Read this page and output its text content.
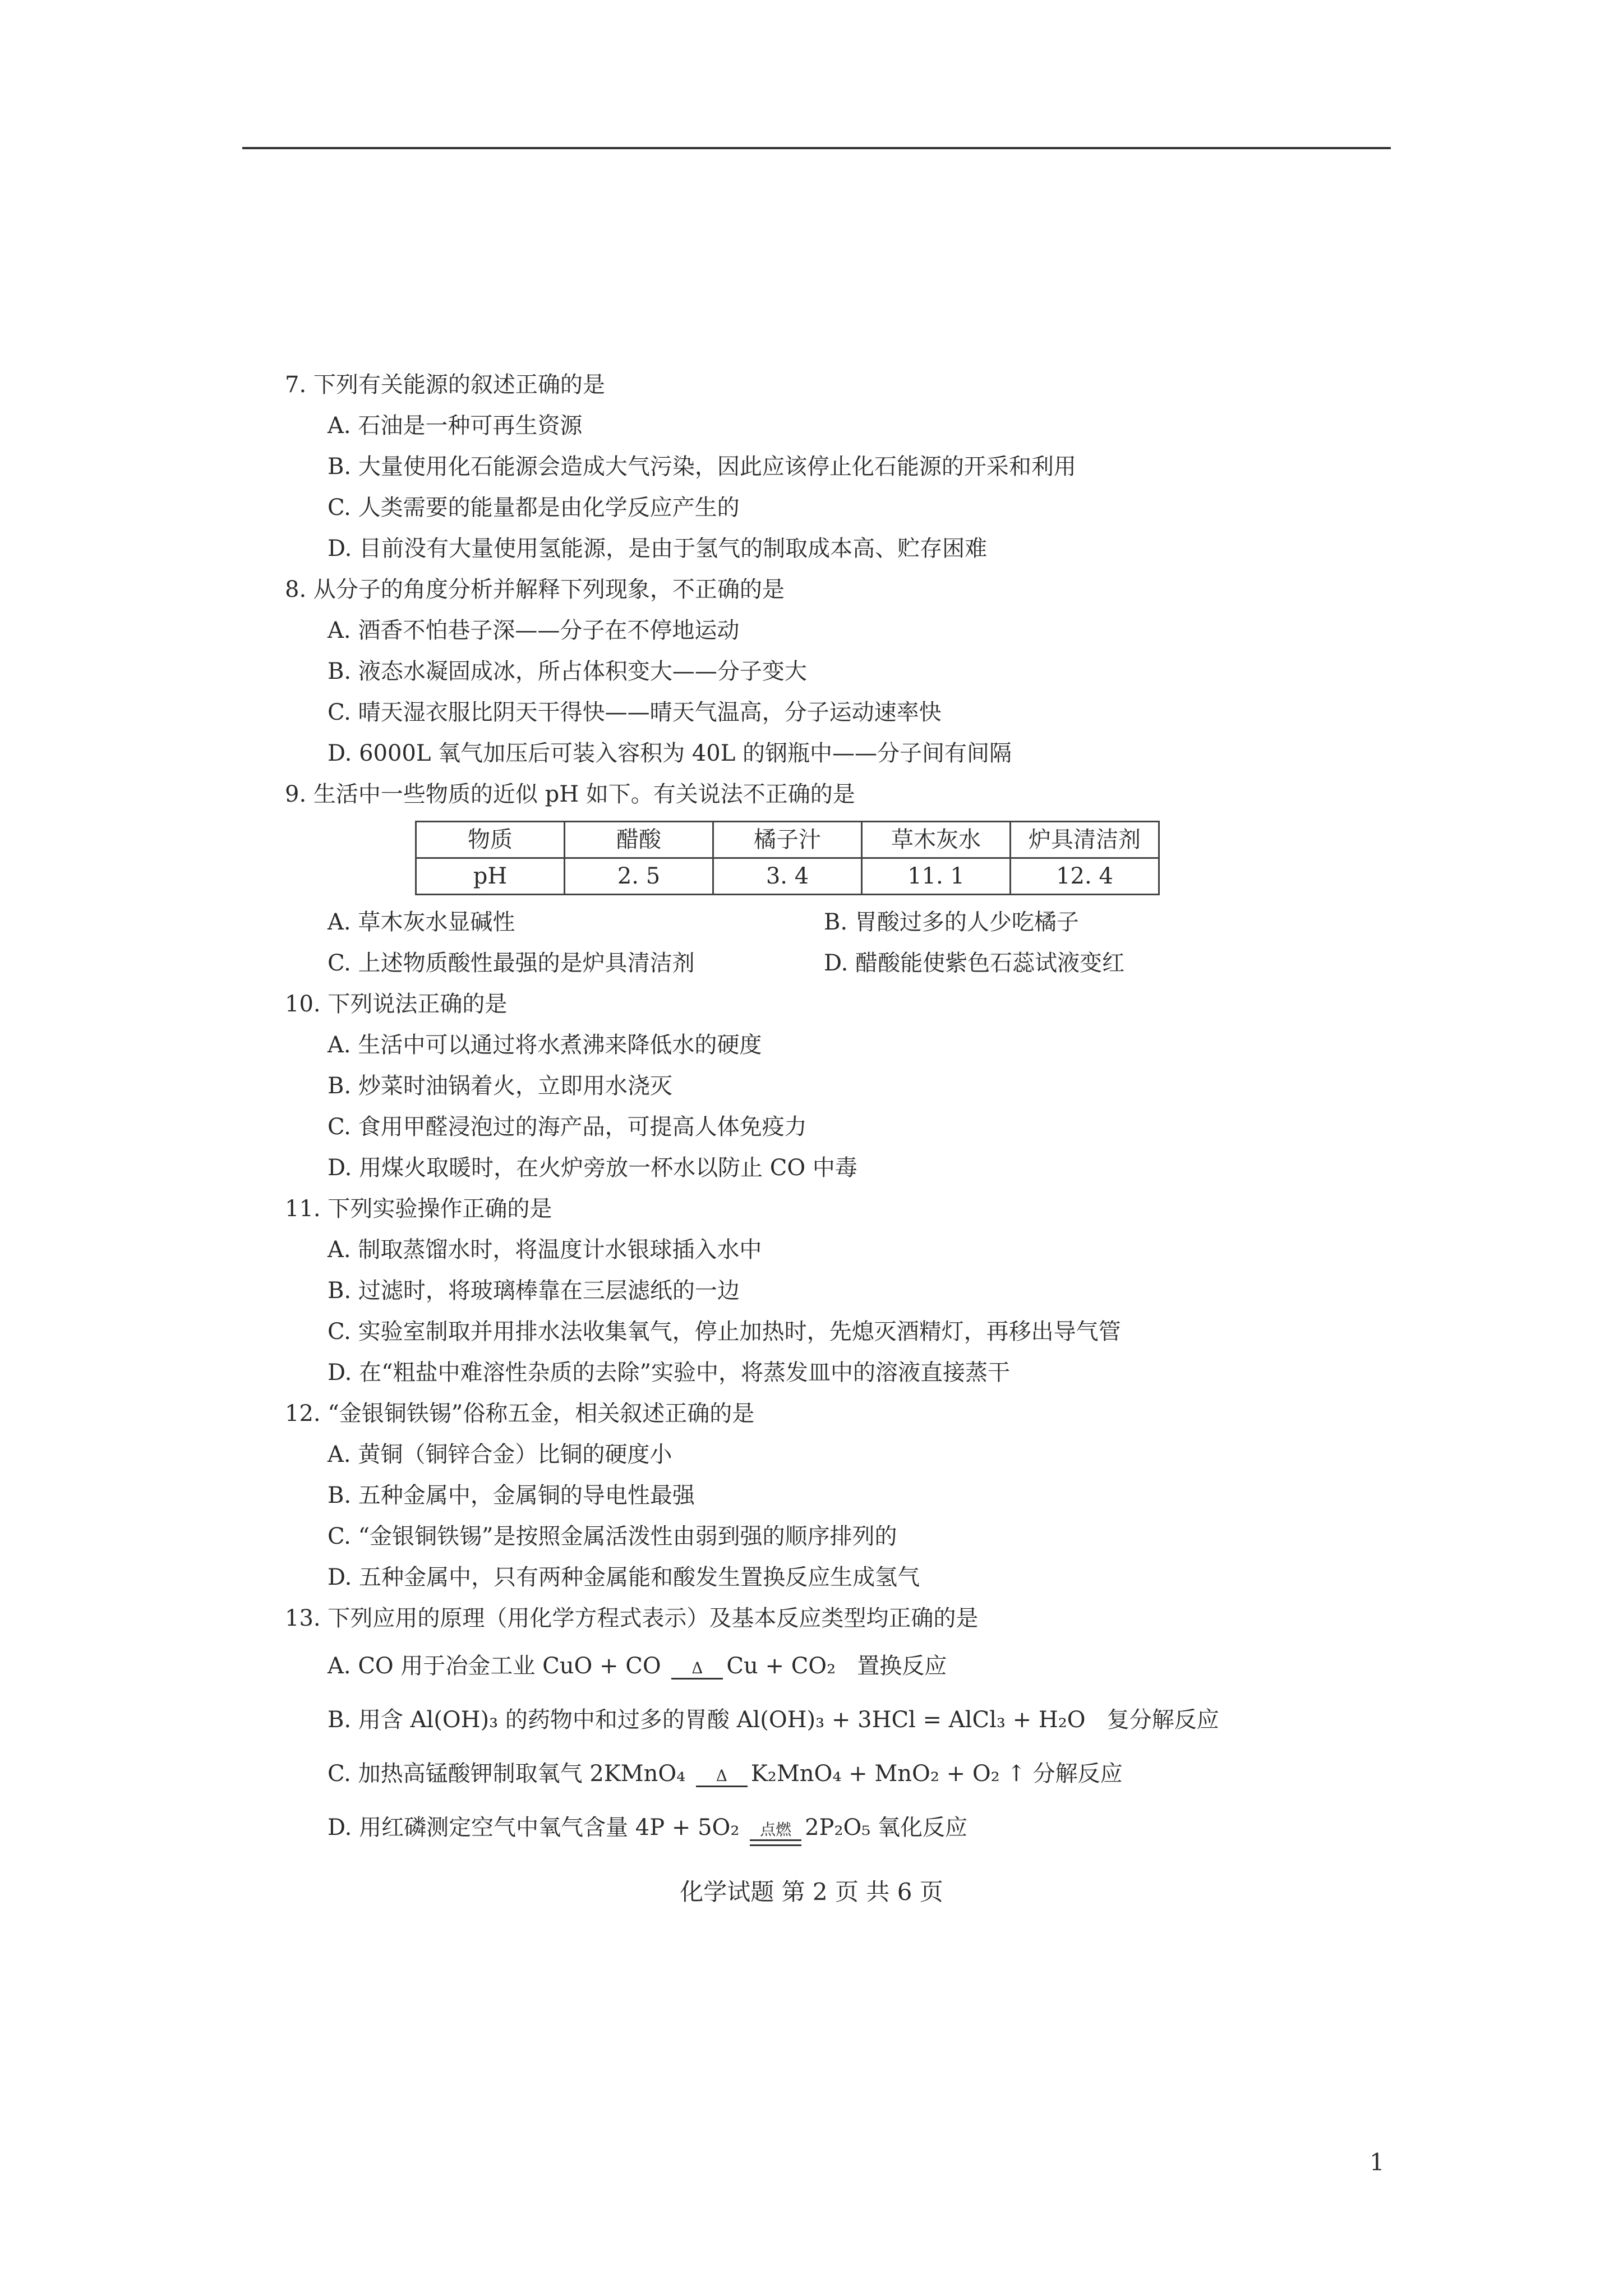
7. 下列有关能源的叙述正确的是

A. 石油是一种可再生资源

B. 大量使用化石能源会造成大气污染，因此应该停止化石能源的开采和利用

C. 人类需要的能量都是由化学反应产生的

D. 目前没有大量使用氢能源，是由于氢气的制取成本高、贮存困难

8. 从分子的角度分析并解释下列现象，不正确的是

A. 酒香不怕巷子深——分子在不停地运动

B. 液态水凝固成冰，所占体积变大——分子变大

C. 晴天湿衣服比阴天干得快——晴天气温高，分子运动速率快

D. 6000L 氧气加压后可装入容积为 40L 的钢瓶中——分子间有间隔

9. 生活中一些物质的近似 pH 如下。有关说法不正确的是

物质	醋酸	橘子汁	草木灰水	炉具清洁剂
pH	2. 5	3. 4	11. 1	12. 4

A. 草木灰水显碱性	B. 胃酸过多的人少吃橘子

C. 上述物质酸性最强的是炉具清洁剂	D. 醋酸能使紫色石蕊试液变红

10. 下列说法正确的是

A. 生活中可以通过将水煮沸来降低水的硬度

B. 炒菜时油锅着火，立即用水浇灭

C. 食用甲醛浸泡过的海产品，可提高人体免疫力

D. 用煤火取暖时，在火炉旁放一杯水以防止 CO 中毒

11. 下列实验操作正确的是

A. 制取蒸馏水时，将温度计水银球插入水中

B. 过滤时，将玻璃棒靠在三层滤纸的一边

C. 实验室制取并用排水法收集氧气，停止加热时，先熄灭酒精灯，再移出导气管

D. 在“粗盐中难溶性杂质的去除”实验中，将蒸发皿中的溶液直接蒸干

12. “金银铜铁锡”俗称五金，相关叙述正确的是

A. 黄铜（铜锌合金）比铜的硬度小

B. 五种金属中，金属铜的导电性最强

C. “金银铜铁锡”是按照金属活泼性由弱到强的顺序排列的

D. 五种金属中，只有两种金属能和酸发生置换反应生成氢气

13. 下列应用的原理（用化学方程式表示）及基本反应类型均正确的是

A. CO 用于冶金工业 CuO + CO Δ Cu + CO₂   置换反应
B. 用含 Al(OH)₃ 的药物中和过多的胃酸 Al(OH)₃ + 3HCl = AlCl₃ + H₂O   复分解反应
C. 加热高锰酸钾制取氧气 2KMnO₄ Δ K₂MnO₄ + MnO₂ + O₂ ↑ 分解反应
D. 用红磷测定空气中氧气含量 4P + 5O₂ 点燃 2P₂O₅ 氧化反应
化学试题 第 2 页 共 6 页
1
